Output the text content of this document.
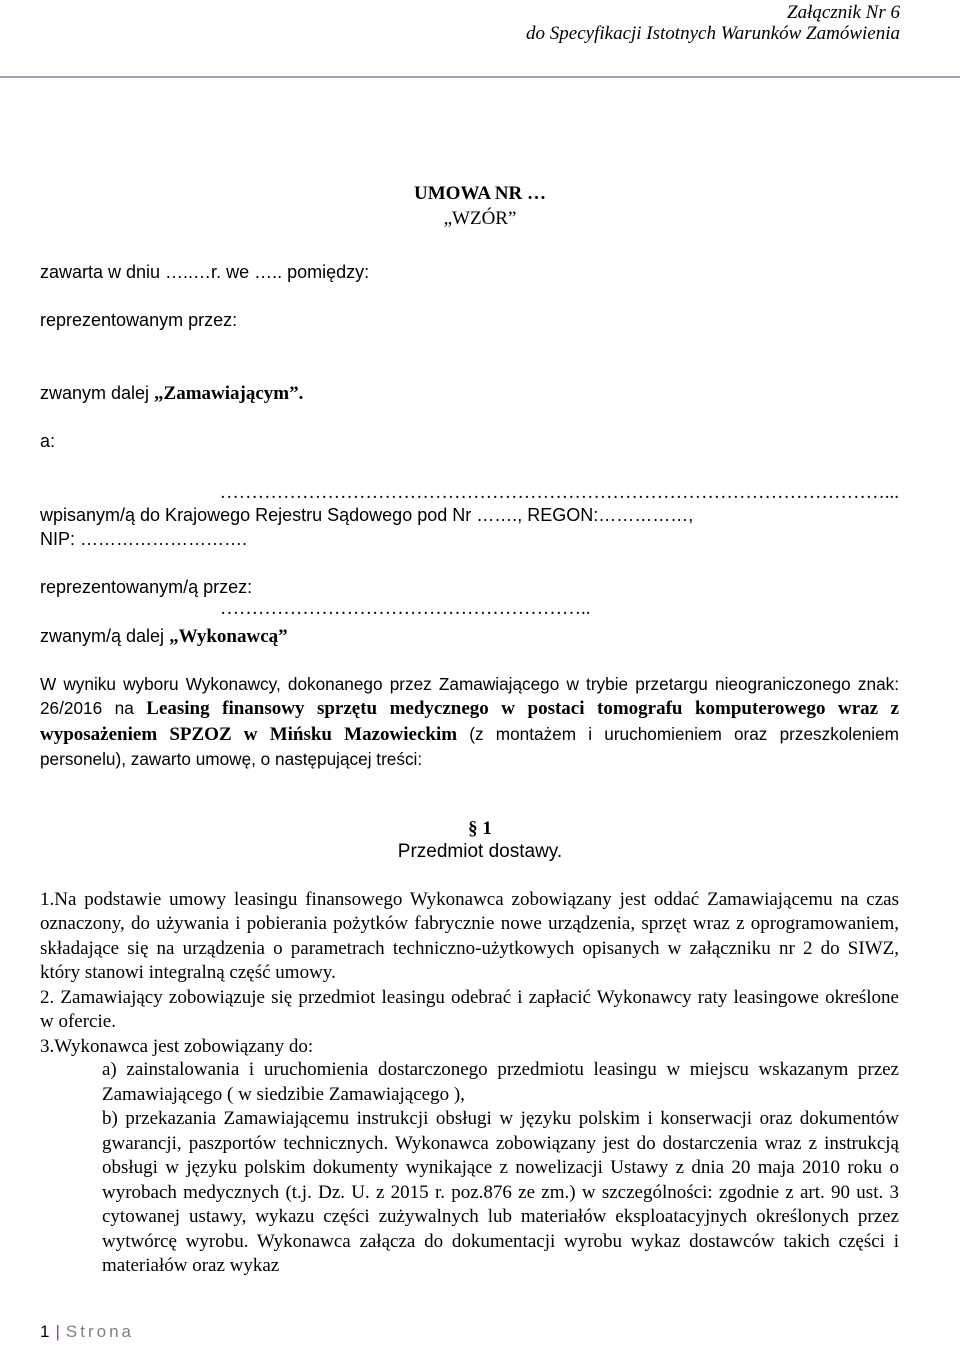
Załącznik Nr 6
do Specyfikacji Istotnych Warunków Zamówienia
UMOWA NR …
„WZÓR”
zawarta w dniu …..…r. we ….. pomiędzy:
reprezentowanym przez:
zwanym dalej „Zamawiającym”.
a:
……………………………………………………………………………………………...
wpisanym/ą do Krajowego Rejestru Sądowego pod Nr ……., REGON:……………,
NIP: ……………………….
reprezentowanym/ą przez:
…………………………………………………..
zwanym/ą dalej „Wykonawcą”
W wyniku wyboru Wykonawcy, dokonanego przez Zamawiającego w trybie przetargu nieograniczonego znak: 26/2016 na Leasing finansowy sprzętu medycznego w postaci tomografu komputerowego wraz z wyposażeniem SPZOZ w Mińsku Mazowieckim (z montażem i uruchomieniem oraz przeszkoleniem personelu), zawarto umowę, o następującej treści:
§ 1
Przedmiot dostawy.
1.Na podstawie umowy leasingu finansowego Wykonawca zobowiązany jest oddać Zamawiającemu na czas oznaczony, do używania i pobierania pożytków fabrycznie nowe urządzenia, sprzęt wraz z oprogramowaniem, składające się na urządzenia o parametrach techniczno-użytkowych opisanych w załączniku nr 2 do SIWZ, który stanowi integralną część umowy.
2. Zamawiający zobowiązuje się przedmiot leasingu odebrać i zapłacić Wykonawcy raty leasingowe określone w ofercie.
3.Wykonawca jest zobowiązany do:
a) zainstalowania i uruchomienia dostarczonego przedmiotu leasingu w miejscu wskazanym przez Zamawiającego ( w siedzibie Zamawiającego ),
b) przekazania Zamawiającemu instrukcji obsługi w języku polskim i konserwacji oraz dokumentów gwarancji, paszportów technicznych. Wykonawca zobowiązany jest do dostarczenia wraz z instrukcją obsługi w języku polskim dokumenty wynikające z nowelizacji Ustawy z dnia 20 maja 2010 roku o wyrobach medycznych (t.j. Dz. U. z 2015 r. poz.876 ze zm.) w szczególności: zgodnie z art. 90 ust. 3 cytowanej ustawy, wykazu części zużywalnych lub materiałów eksploatacyjnych określonych przez wytwórcę wyrobu. Wykonawca załącza do dokumentacji wyrobu wykaz dostawców takich części i materiałów oraz wykaz
1 | Strona
